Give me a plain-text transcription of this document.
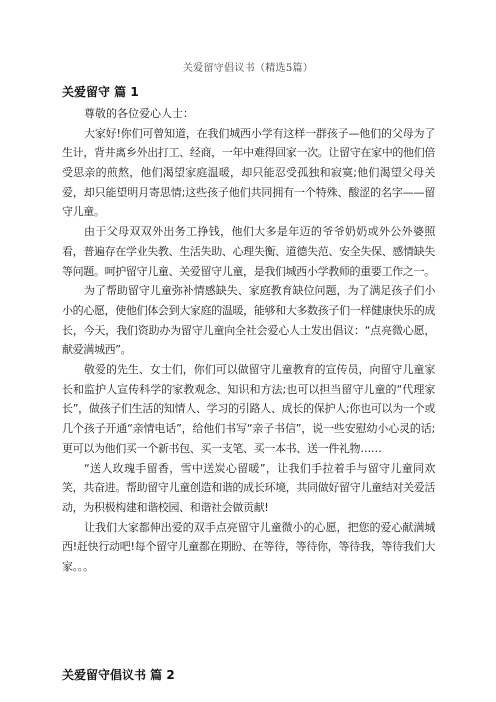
关爱留守倡议书（精选5篇）
关爱留守 篇 1

尊敬的各位爱心人士：

大家好!你们可曾知道，在我们城西小学有这样一群孩子—他们的父母为了生计，背井离乡外出打工、经商，一年中难得回家一次。让留守在家中的他们倍受思亲的煎熬，他们渴望家庭温暖，却只能忍受孤独和寂寞;他们渴望父母关爱，却只能望明月寄思情;这些孩子他们共同拥有一个特殊、酸涩的名字——留守儿童。

由于父母双双外出务工挣钱，他们大多是年迈的爷爷奶奶或外公外婆照看，普遍存在学业失教、生活失助、心理失衡、道德失范、安全失保、感情缺失等问题。呵护留守儿童、关爱留守儿童，是我们城西小学教师的重要工作之一。

为了帮助留守儿童弥补情感缺失、家庭教育缺位问题，为了满足孩子们小小的心愿，使他们体会到大家庭的温暖，能够和大多数孩子们一样健康快乐的成长，今天，我们资助办为留守儿童向全社会爱心人士发出倡议：“点亮微心愿，献爱满城西”。

敬爱的先生、女士们，你们可以做留守儿童教育的宣传员，向留守儿童家长和监护人宣传科学的家教观念、知识和方法;也可以担当留守儿童的“代理家长”，做孩子们生活的知情人、学习的引路人、成长的保护人;你也可以为一个或几个孩子开通“亲情电话”，给他们书写“亲子书信”，说一些安慰幼小心灵的话;更可以为他们买一个新书包、买一支笔、买一本书、送一件礼物……

“送人玫瑰手留香，雪中送炭心留暖”，让我们手拉着手与留守儿童同欢笑，共奋进。帮助留守儿童创造和谐的成长环境，共同做好留守儿童结对关爱活动，为积极构建和谐校园、和谐社会做贡献!

让我们大家都伸出爱的双手点亮留守儿童微小的心愿，把您的爱心献满城西!赶快行动吧!每个留守儿童都在期盼、在等待，等待你，等待我，等待我们大家。。。

关爱留守倡议书 篇 2
